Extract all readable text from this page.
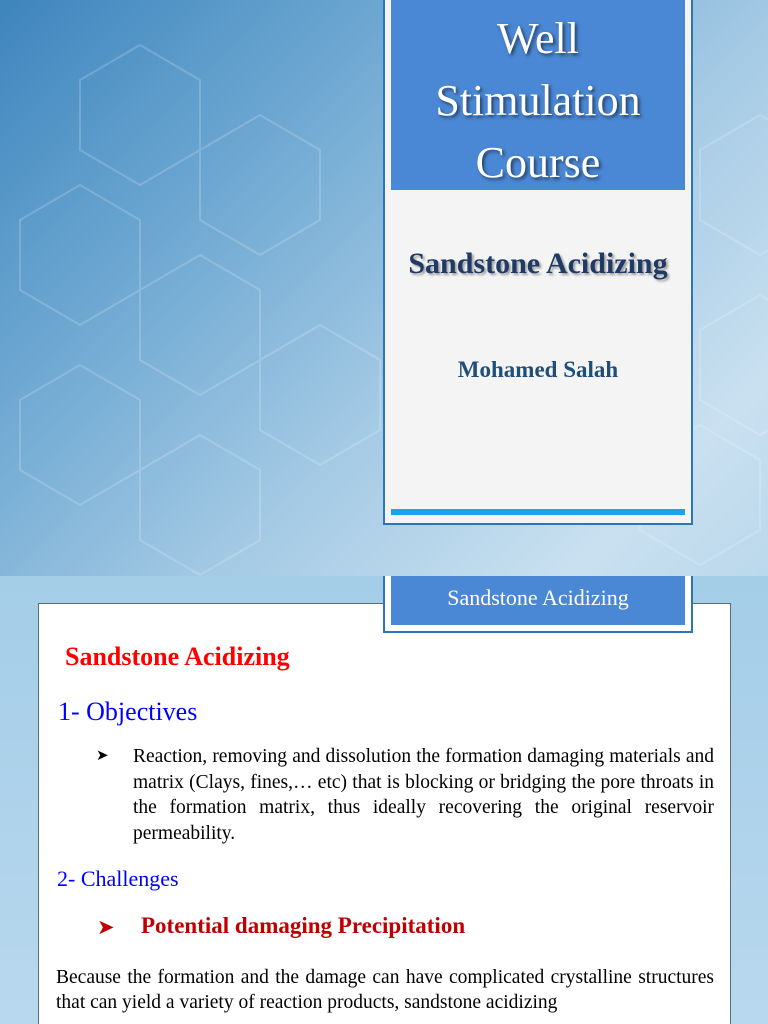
Well
Stimulation
Course
Sandstone Acidizing
Mohamed Salah
Sandstone Acidizing
Sandstone Acidizing
1- Objectives
➤ Reaction, removing and dissolution the formation damaging materials and matrix (Clays, fines,… etc) that is blocking or bridging the pore throats in the formation matrix, thus ideally recovering the original reservoir permeability.
2- Challenges
➤ Potential damaging Precipitation
Because the formation and the damage can have complicated crystalline structures that can yield a variety of reaction products, sandstone acidizing
